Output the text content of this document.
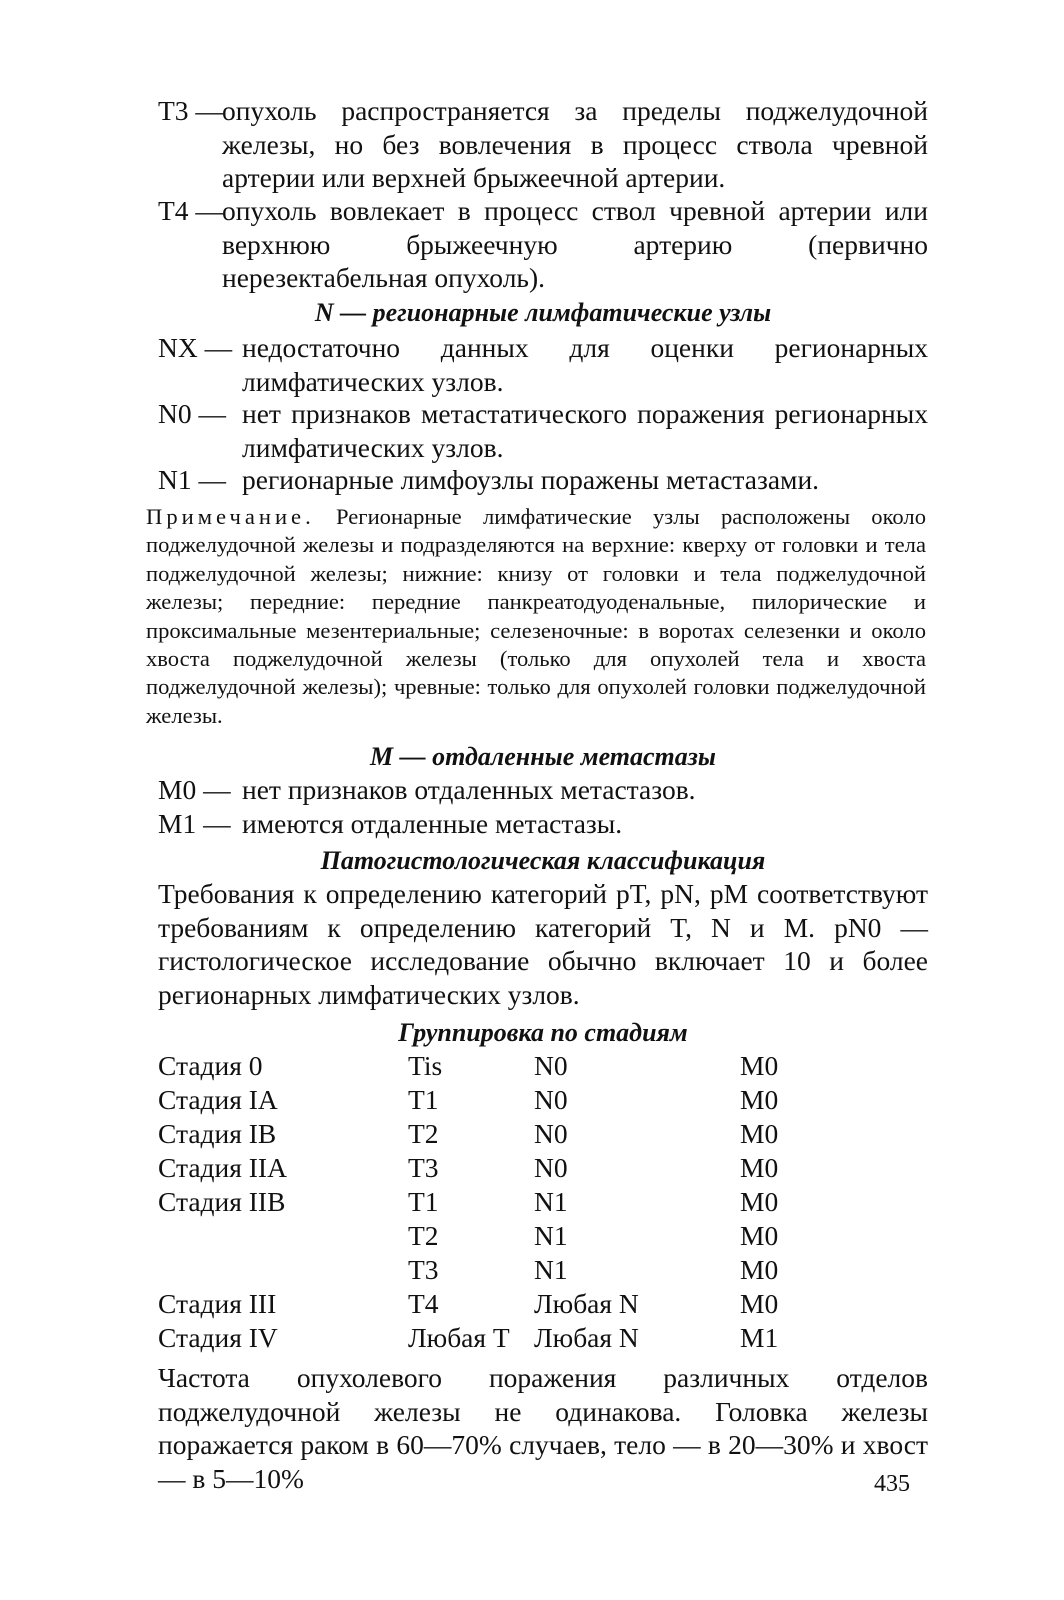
T3 — опухоль распространяется за пределы поджелудочной железы, но без вовлечения в процесс ствола чревной артерии или верхней брыжеечной артерии.
T4 — опухоль вовлекает в процесс ствол чревной артерии или верхнюю брыжеечную артерию (первично нерезектабельная опухоль).
N — регионарные лимфатические узлы
NX — недостаточно данных для оценки регионарных лимфатических узлов.
N0 — нет признаков метастатического поражения регионарных лимфатических узлов.
N1 — регионарные лимфоузлы поражены метастазами.
Примечание. Регионарные лимфатические узлы расположены около поджелудочной железы и подразделяются на верхние: кверху от головки и тела поджелудочной железы; нижние: книзу от головки и тела поджелудочной железы; передние: передние панкреатодуоденальные, пилорические и проксимальные мезентериальные; селезеночные: в воротах селезенки и около хвоста поджелудочной железы (только для опухолей тела и хвоста поджелудочной железы); чревные: только для опухолей головки поджелудочной железы.
M — отдаленные метастазы
M0 — нет признаков отдаленных метастазов.
M1 — имеются отдаленные метастазы.
Патогистологическая классификация
Требования к определению категорий pT, pN, pM соответствуют требованиям к определению категорий T, N и M. pN0 — гистологическое исследование обычно включает 10 и более регионарных лимфатических узлов.
Группировка по стадиям
Стадия 0	Tis	N0	M0
Стадия IA	T1	N0	M0
Стадия IB	T2	N0	M0
Стадия IIA	T3	N0	M0
Стадия IIB	T1	N1	M0
	T2	N1	M0
	T3	N1	M0
Стадия III	T4	Любая N	M0
Стадия IV	Любая T	Любая N	M1
Частота опухолевого поражения различных отделов поджелудочной железы не одинакова. Головка железы поражается раком в 60—70% случаев, тело — в 20—30% и хвост — в 5—10%	435
